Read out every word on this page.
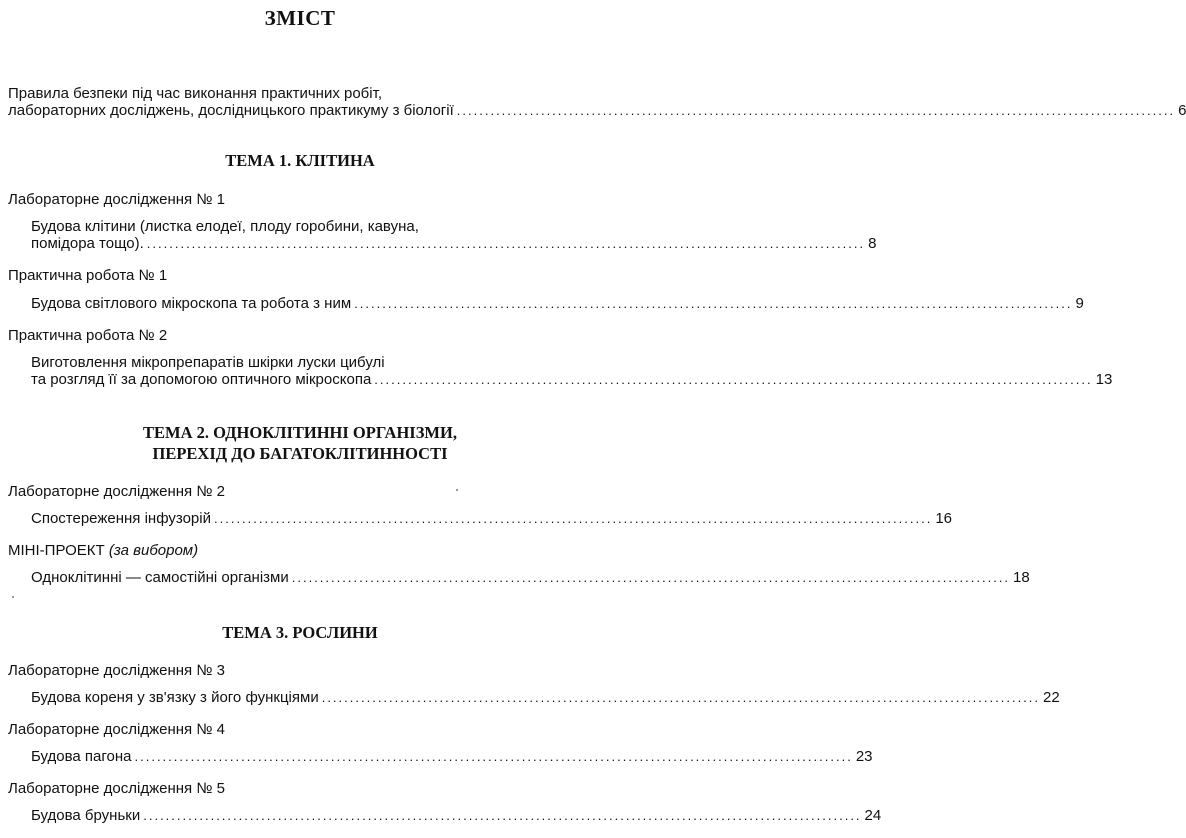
ЗМІСТ
Правила безпеки під час виконання практичних робіт,
лабораторних досліджень, дослідницького практикуму з біології ................................................................................................................................ 6
ТЕМА 1. КЛІТИНА
Лабораторне дослідження № 1
Будова клітини (листка елодеї, плоду горобини, кавуна,
помідора тощо). ................................................................................................................................ 8
Практична робота № 1
Будова світлового мікроскопа та робота з ним ................................................................................................................................ 9
Практична робота № 2
Виготовлення мікропрепаратів шкірки луски цибулі
та розгляд її за допомогою оптичного мікроскопа ................................................................................................................................ 13
ТЕМА 2. ОДНОКЛІТИННІ ОРГАНІЗМИ,
ПЕРЕХІД ДО БАГАТОКЛІТИННОСТІ
Лабораторне дослідження № 2
Спостереження інфузорій ................................................................................................................................ 16
МІНІ-ПРОЕКТ (за вибором)
Одноклітинні — самостійні організми ................................................................................................................................ 18
ТЕМА 3. РОСЛИНИ
Лабораторне дослідження № 3
Будова кореня у зв'язку з його функціями ................................................................................................................................ 22
Лабораторне дослідження № 4
Будова пагона ................................................................................................................................ 23
Лабораторне дослідження № 5
Будова бруньки ................................................................................................................................ 24
